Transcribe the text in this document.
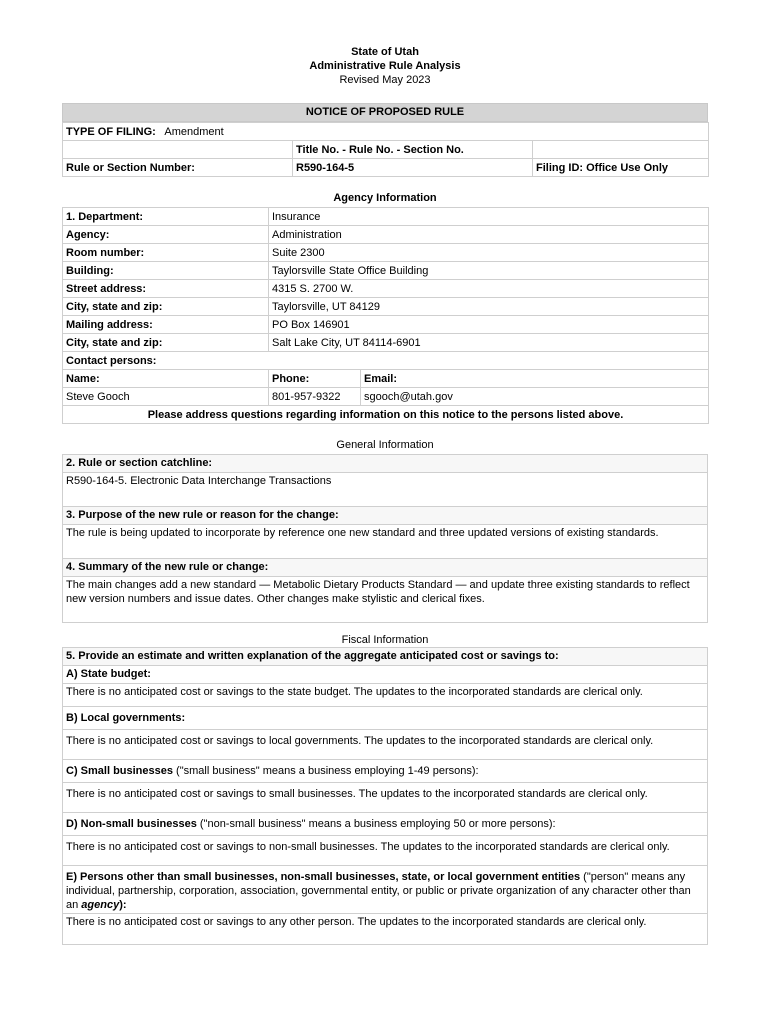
State of Utah
Administrative Rule Analysis
Revised May 2023
NOTICE OF PROPOSED RULE
TYPE OF FILING: Amendment		
	Title No. - Rule No. - Section No.	
Rule or Section Number:	R590-164-5	Filing ID: Office Use Only
Agency Information
1. Department:	Insurance	
Agency:	Administration	
Room number:	Suite 2300	
Building:	Taylorsville State Office Building	
Street address:	4315 S. 2700 W.	
City, state and zip:	Taylorsville, UT 84129	
Mailing address:	PO Box 146901	
City, state and zip:	Salt Lake City, UT 84114-6901	
Contact persons:		
Name:	Phone:	Email:
Steve Gooch	801-957-9322	sgooch@utah.gov
Please address questions regarding information on this notice to the persons listed above.		
General Information
2. Rule or section catchline:
R590-164-5. Electronic Data Interchange Transactions
3. Purpose of the new rule or reason for the change:
The rule is being updated to incorporate by reference one new standard and three updated versions of existing standards.
4. Summary of the new rule or change:
The main changes add a new standard — Metabolic Dietary Products Standard — and update three existing standards to reflect new version numbers and issue dates. Other changes make stylistic and clerical fixes.
Fiscal Information
5. Provide an estimate and written explanation of the aggregate anticipated cost or savings to:
A) State budget:
There is no anticipated cost or savings to the state budget. The updates to the incorporated standards are clerical only.
B) Local governments:
There is no anticipated cost or savings to local governments. The updates to the incorporated standards are clerical only.
C) Small businesses ("small business" means a business employing 1-49 persons):
There is no anticipated cost or savings to small businesses. The updates to the incorporated standards are clerical only.
D) Non-small businesses ("non-small business" means a business employing 50 or more persons):
There is no anticipated cost or savings to non-small businesses. The updates to the incorporated standards are clerical only.
E) Persons other than small businesses, non-small businesses, state, or local government entities ("person" means any individual, partnership, corporation, association, governmental entity, or public or private organization of any character other than an agency):
There is no anticipated cost or savings to any other person. The updates to the incorporated standards are clerical only.
